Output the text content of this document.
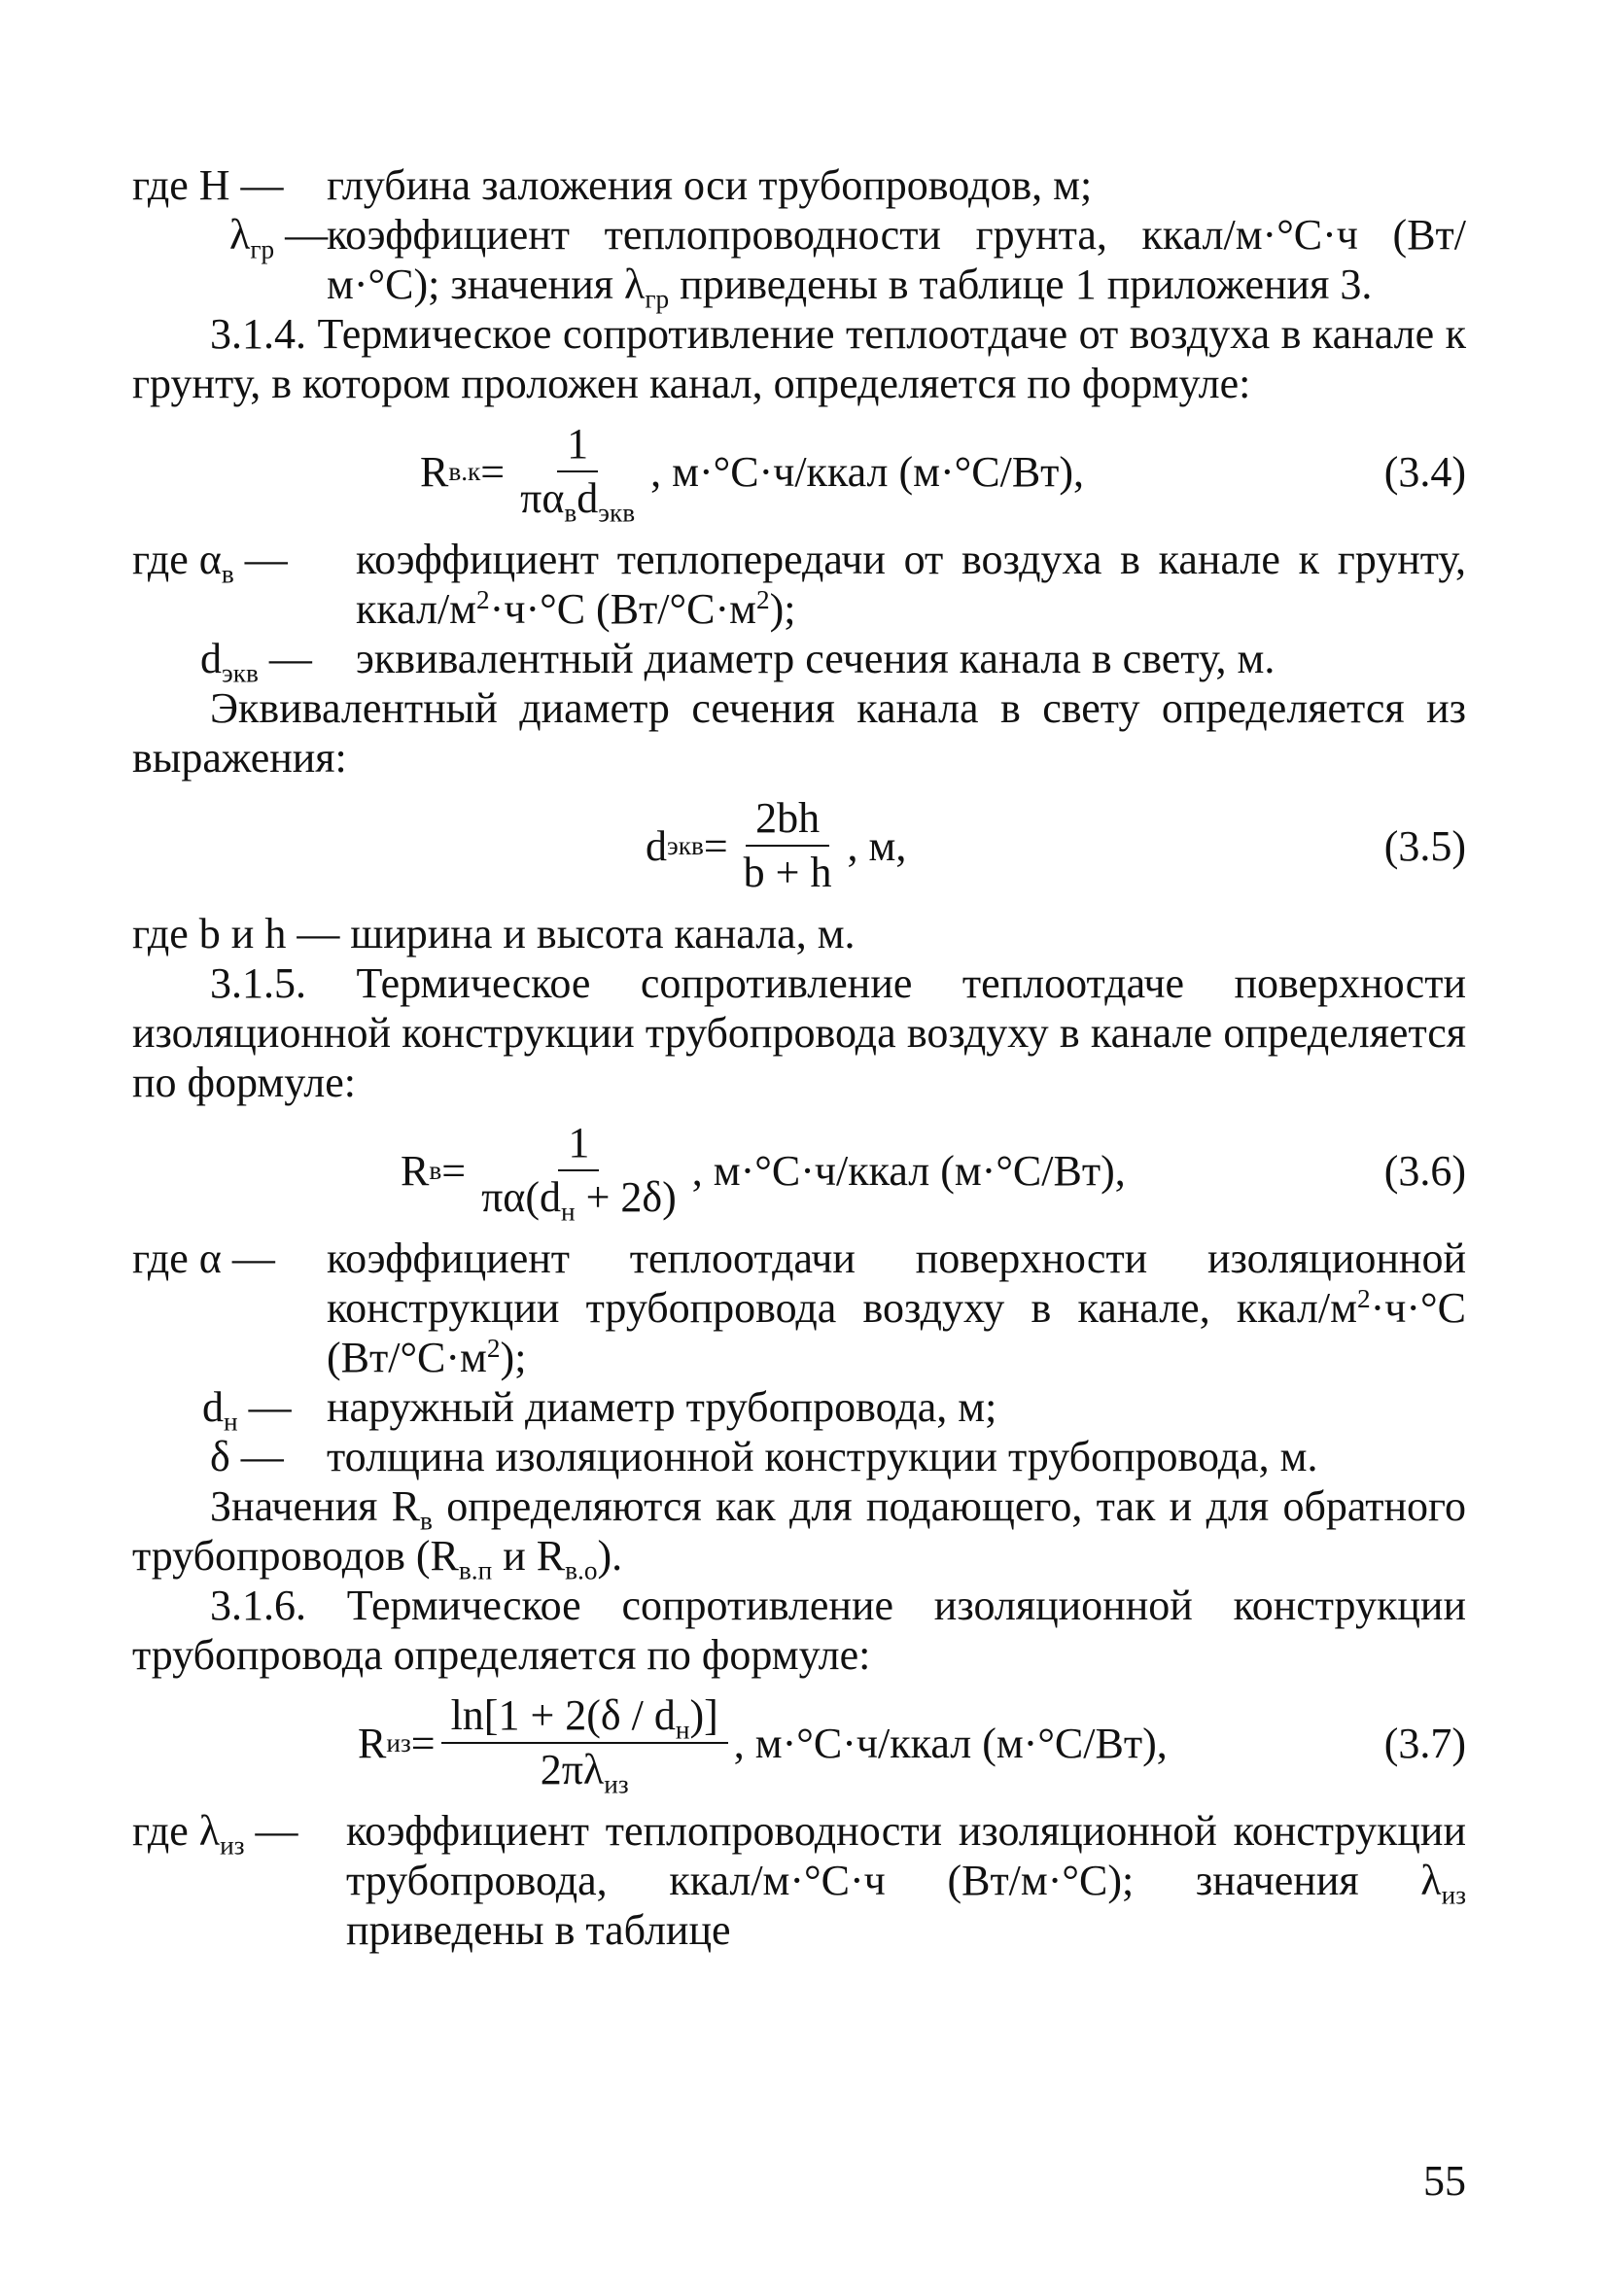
где H —	глубина заложения оси трубопроводов, м;
$\lambda_{гр}$ —
коэффициент теплопроводности грунта, ккал/м·°С·ч (Вт/м·°С); значения $\lambda_{гр}$ приведены в таблице 1 приложения 3.

3.1.4. Термическое сопротивление теплоотдаче от воздуха в канале к грунту, в котором проложен канал, определяется по формуле:

R $в.к = \frac{1}{\pi\alpha_вd_{экв}}$ , м·°С·ч/ккал (м·°С/Вт),	(3.4)
где $\alpha_в$ —	коэффициент теплопередачи от воздуха в канале к грунту, ккал/$м^2\cdot ч\cdot^\circ С$ $(Вт/^\circ С\cdot м^2)$;
$d_{экв}$ —	эквивалентный диаметр сечения канала в свету, м.

Эквивалентный диаметр сечения канала в свету определяется из выражения:

d экв = $\frac{2bh}{b + h}$ , м,	(3.5)

где b и h — ширина и высота канала, м.

3.1.5. Термическое сопротивление теплоотдаче поверхности изоляционной конструкции трубопровода воздуху в канале определяется по формуле:

R $в = \frac{1}{\pi\alpha(d_н + 2\delta)}$ , м·°С·ч/ккал (м·°С/Вт),	(3.6)
где α —	коэффициент теплоотдачи поверхности изоляционной конструкции трубопровода воздуху в канале, ккал/$м^2\cdot ч\cdot^\circ С$ $(Вт/^\circ С\cdot м^2)$;
$d_н$ — наружный диаметр трубопровода, м;
δ —	толщина изоляционной конструкции трубопровода, м.

Значения $R_в$ определяются как для подающего, так и для обратного трубопроводов ($R_{в.п}$ и $R_{в.о}$).

3.1.6. Термическое сопротивление изоляционной конструкции трубопровода определяется по формуле:

R из = $\frac{\ln[1 + 2(\delta / d_н)]}{2\pi\lambda_{из}}$ , м·°С·ч/ккал (м·°С/Вт),	(3.7)
где $\lambda_{из}$ —	коэффициент теплопроводности изоляционной конструкции трубопровода, ккал/м·°С·ч (Вт/м·°С); значения $\lambda_{из}$ приведены в таблице
55
